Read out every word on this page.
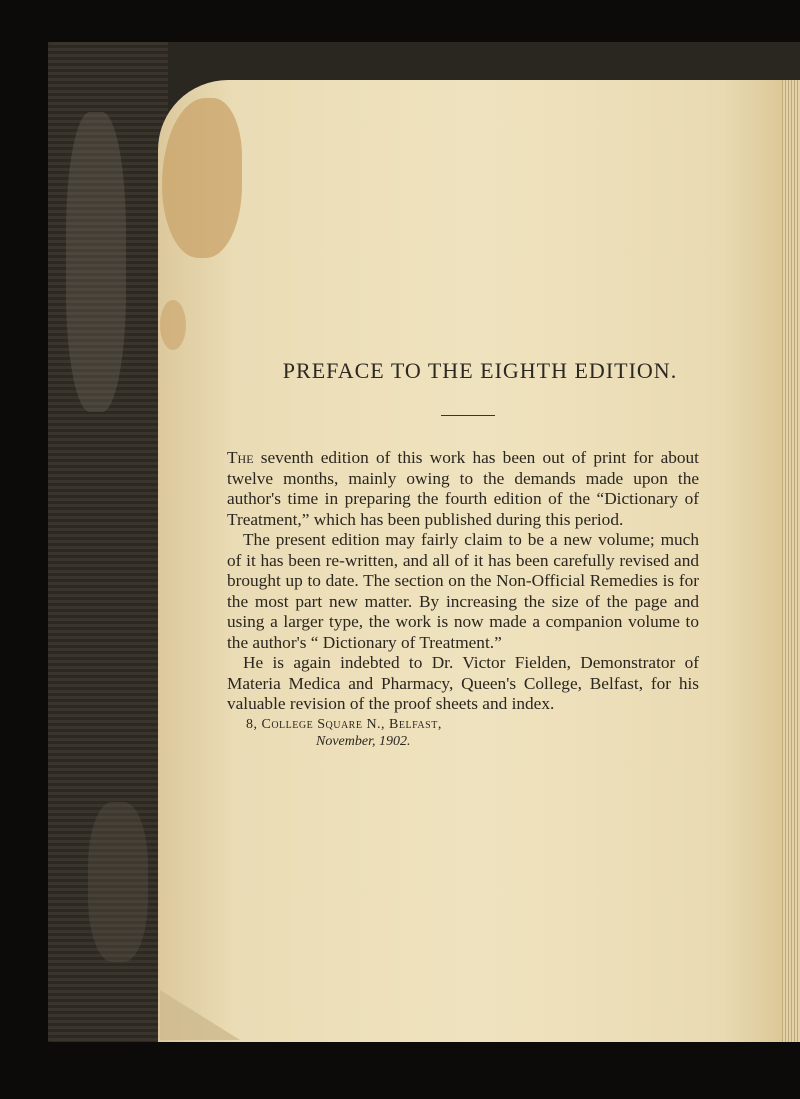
PREFACE TO THE EIGHTH EDITION.

The seventh edition of this work has been out of print for about twelve months, mainly owing to the demands made upon the author's time in preparing the fourth edition of the “Dictionary of Treatment,” which has been published during this period.

The present edition may fairly claim to be a new volume; much of it has been re-written, and all of it has been carefully revised and brought up to date. The section on the Non-Official Remedies is for the most part new matter. By increasing the size of the page and using a larger type, the work is now made a companion volume to the author's “ Dictionary of Treatment.”

He is again indebted to Dr. Victor Fielden, Demonstrator of Materia Medica and Pharmacy, Queen's College, Belfast, for his valuable revision of the proof sheets and index.

8, College Square N., Belfast,
November, 1902.
